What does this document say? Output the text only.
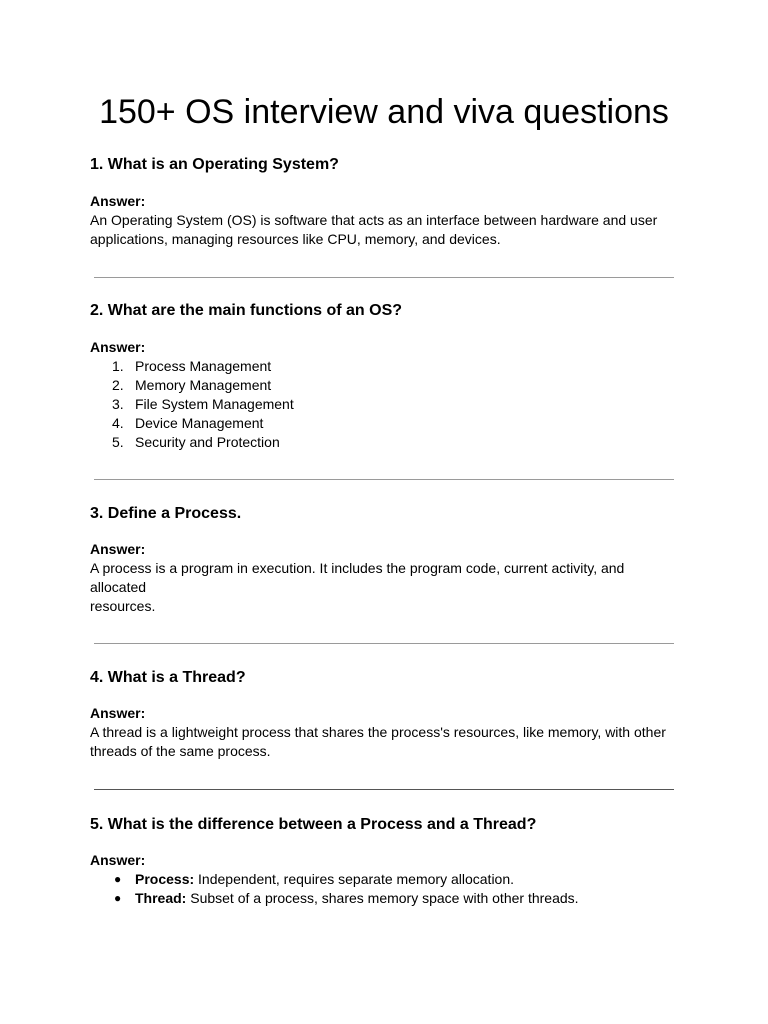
150+ OS interview and viva questions

1. What is an Operating System?

Answer:

An Operating System (OS) is software that acts as an interface between hardware and user
applications, managing resources like CPU, memory, and devices.

2. What are the main functions of an OS?

Answer:

1. Process Management
2. Memory Management
3. File System Management
4. Device Management
5. Security and Protection

3. Define a Process.

Answer:

A process is a program in execution. It includes the program code, current activity, and allocated
resources.

4. What is a Thread?

Answer:

A thread is a lightweight process that shares the process's resources, like memory, with other
threads of the same process.

5. What is the difference between a Process and a Thread?

Answer:

● Process: Independent, requires separate memory allocation.
● Thread: Subset of a process, shares memory space with other threads.
